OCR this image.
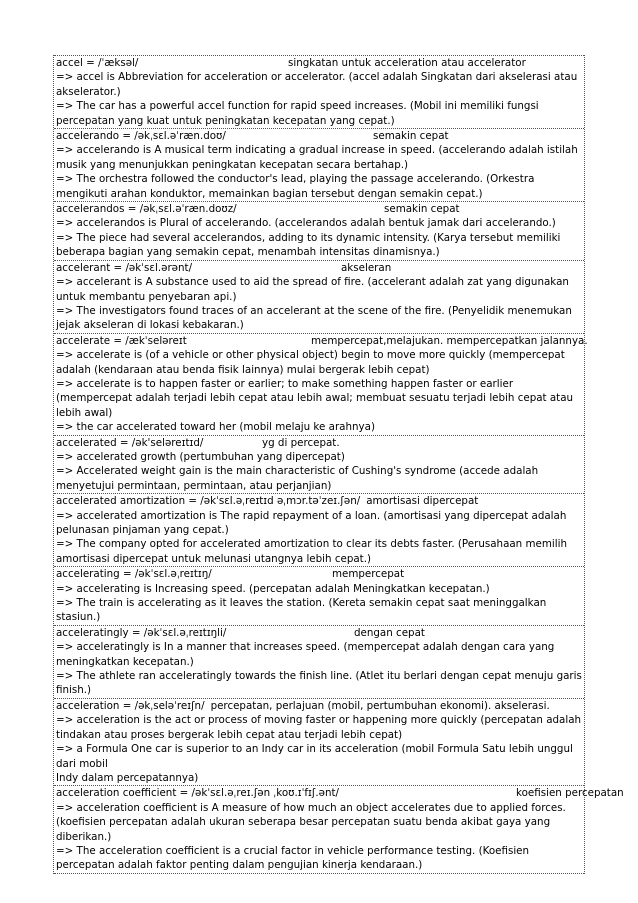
accel = /ˈæksəl/	singkatan untuk acceleration atau accelerator
=> accel is Abbreviation for acceleration or accelerator. (accel adalah Singkatan dari akselerasi atau akselerator.)
=> The car has a powerful accel function for rapid speed increases. (Mobil ini memiliki fungsi percepatan yang kuat untuk peningkatan kecepatan yang cepat.)
accelerando = /əkˌsɛl.əˈræn.doʊ/	semakin cepat
=> accelerando is A musical term indicating a gradual increase in speed. (accelerando adalah istilah musik yang menunjukkan peningkatan kecepatan secara bertahap.)
=> The orchestra followed the conductor's lead, playing the passage accelerando. (Orkestra mengikuti arahan konduktor, memainkan bagian tersebut dengan semakin cepat.)
accelerandos = /əkˌsɛl.əˈræn.doʊz/	semakin cepat
=> accelerandos is Plural of accelerando. (accelerandos adalah bentuk jamak dari accelerando.)
=> The piece had several accelerandos, adding to its dynamic intensity. (Karya tersebut memiliki beberapa bagian yang semakin cepat, menambah intensitas dinamisnya.)
accelerant = /əkˈsɛl.ərənt/	akseleran
=> accelerant is A substance used to aid the spread of fire. (accelerant adalah zat yang digunakan untuk membantu penyebaran api.)
=> The investigators found traces of an accelerant at the scene of the fire. (Penyelidik menemukan jejak akseleran di lokasi kebakaran.)
accelerate = /ækˈseləreɪt	mempercepat,melajukan. mempercepatkan jalannya.
=> accelerate is (of a vehicle or other physical object) begin to move more quickly (mempercepat adalah (kendaraan atau benda fisik lainnya) mulai bergerak lebih cepat)
=> accelerate is to happen faster or earlier; to make something happen faster or earlier (mempercepat adalah terjadi lebih cepat atau lebih awal; membuat sesuatu terjadi lebih cepat atau lebih awal)
=> the car accelerated toward her (mobil melaju ke arahnya)
accelerated = /ək'seləreɪtɪd/	yg di percepat.
=> accelerated growth (pertumbuhan yang dipercepat)
=> Accelerated weight gain is the main characteristic of Cushing's syndrome (accede adalah menyetujui permintaan, permintaan, atau perjanjian)
accelerated amortization = /əkˈsɛl.əˌreɪtɪd əˌmɔr.təˈzeɪ.ʃən/ amortisasi dipercepat
=> accelerated amortization is The rapid repayment of a loan. (amortisasi yang dipercepat adalah pelunasan pinjaman yang cepat.)
=> The company opted for accelerated amortization to clear its debts faster. (Perusahaan memilih amortisasi dipercepat untuk melunasi utangnya lebih cepat.)
accelerating = /əkˈsɛl.əˌreɪtɪŋ/	mempercepat
=> accelerating is Increasing speed. (percepatan adalah Meningkatkan kecepatan.)
=> The train is accelerating as it leaves the station. (Kereta semakin cepat saat meninggalkan stasiun.)
acceleratingly = /əkˈsɛl.əˌreɪtɪŋli/	dengan cepat
=> acceleratingly is In a manner that increases speed. (mempercepat adalah dengan cara yang meningkatkan kecepatan.)
=> The athlete ran acceleratingly towards the finish line. (Atlet itu berlari dengan cepat menuju garis finish.)
acceleration = /əkˌseləˈreɪʃn/ percepatan, perlajuan (mobil, pertumbuhan ekonomi). akselerasi.
=> acceleration is the act or process of moving faster or happening more quickly (percepatan adalah tindakan atau proses bergerak lebih cepat atau terjadi lebih cepat)
=> a Formula One car is superior to an Indy car in its acceleration (mobil Formula Satu lebih unggul dari mobil
Indy dalam percepatannya)
acceleration coefficient = /əkˈsɛl.əˌreɪ.ʃən ˌkoʊ.ɪˈfɪʃ.ənt/	koefisien percepatan
=> acceleration coefficient is A measure of how much an object accelerates due to applied forces. (koefisien percepatan adalah ukuran seberapa besar percepatan suatu benda akibat gaya yang diberikan.)
=> The acceleration coefficient is a crucial factor in vehicle performance testing. (Koefisien percepatan adalah faktor penting dalam pengujian kinerja kendaraan.)
